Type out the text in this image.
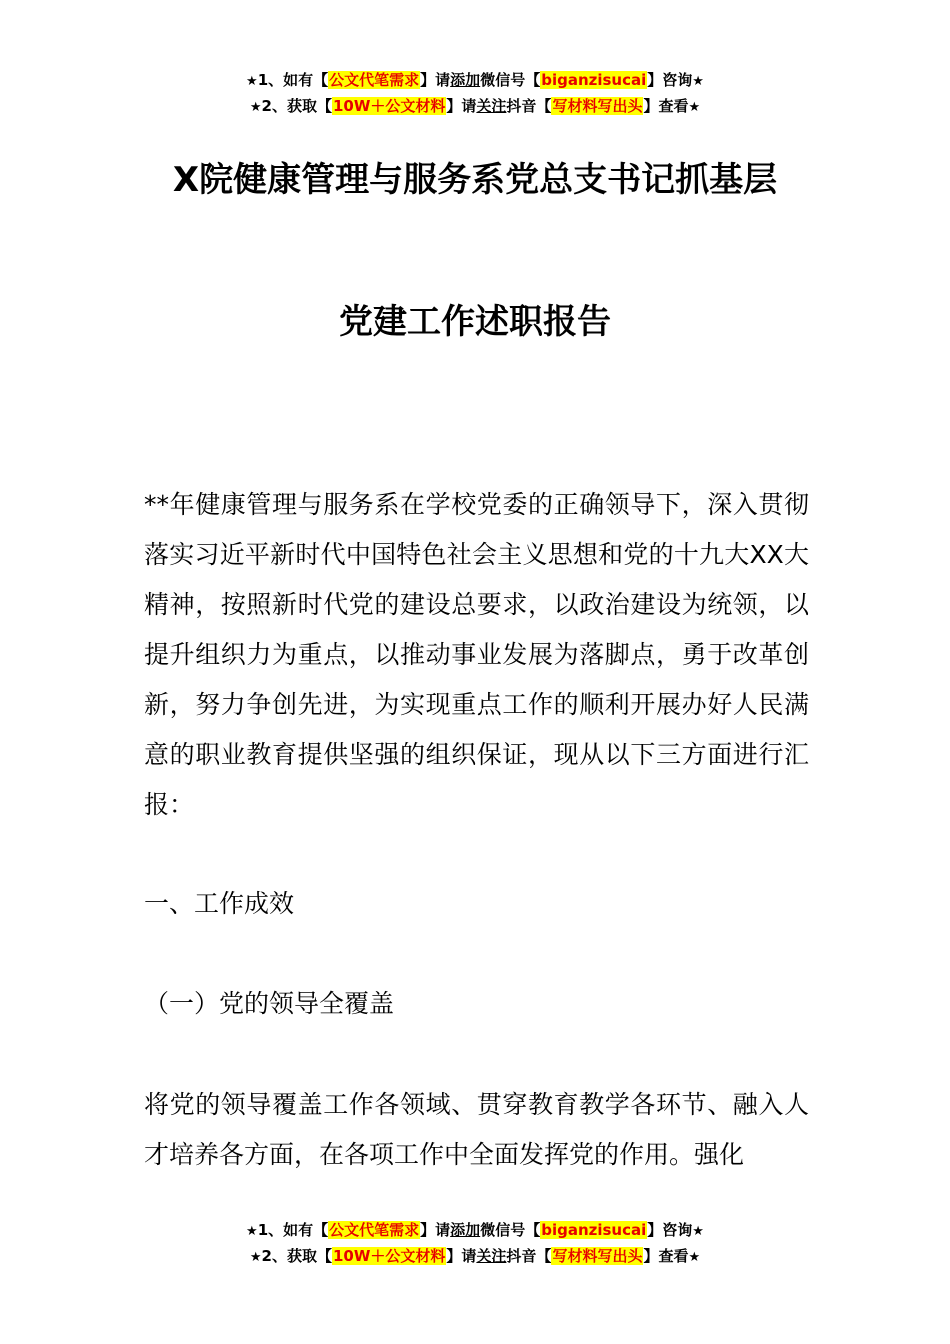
★1、如有【公文代笔需求】请添加微信号【biganzisucai】咨询★
★2、获取【10W＋公文材料】请关注抖音【写材料写出头】查看★
X院健康管理与服务系党总支书记抓基层
党建工作述职报告

**年健康管理与服务系在学校党委的正确领导下，深入贯彻落实习近平新时代中国特色社会主义思想和党的十九大XX大精神，按照新时代党的建设总要求，以政治建设为统领，以提升组织力为重点，以推动事业发展为落脚点，勇于改革创新，努力争创先进，为实现重点工作的顺利开展办好人民满意的职业教育提供坚强的组织保证，现从以下三方面进行汇报：

一、工作成效
（一）党的领导全覆盖

将党的领导覆盖工作各领域、贯穿教育教学各环节、融入人才培养各方面，在各项工作中全面发挥党的作用。强化

★1、如有【公文代笔需求】请添加微信号【biganzisucai】咨询★
★2、获取【10W＋公文材料】请关注抖音【写材料写出头】查看★
